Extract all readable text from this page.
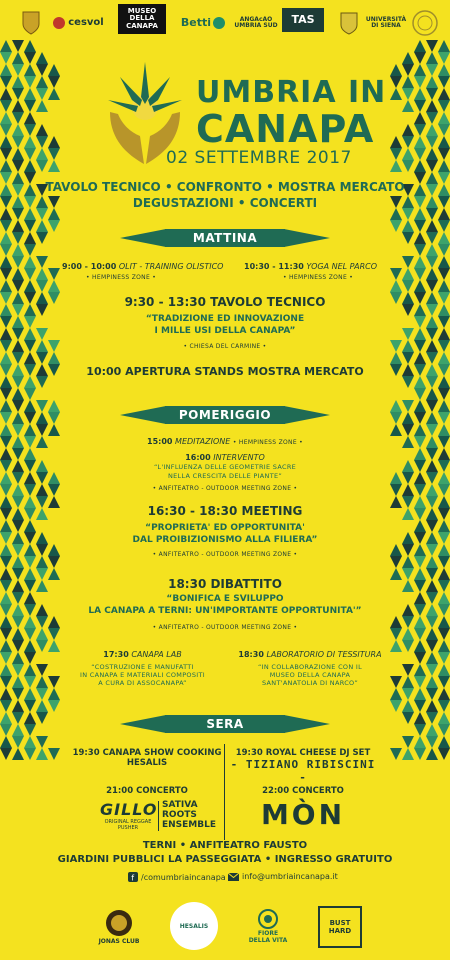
cesvol
MUSEO DELLA CANAPA	Betti	ANGAcAO UMBRIA SUD TAS	UNIVERSITÀ DI SIENA
UMBRIA IN
CANAPA
02 SETTEMBRE 2017
TAVOLO TECNICO • CONFRONTO • MOSTRA MERCATO
DEGUSTAZIONI • CONCERTI
MATTINA
9:00 - 10:00 OLIT - TRAINING OLISTICO
• HEMPINESS ZONE •
10:30 - 11:30 YOGA NEL PARCO
• HEMPINESS ZONE •
9:30 - 13:30 TAVOLO TECNICO
“TRADIZIONE ED INNOVAZIONE
I MILLE USI DELLA CANAPA”
• CHIESA DEL CARMINE •
10:00 APERTURA STANDS MOSTRA MERCATO
POMERIGGIO
15:00 MEDITAZIONE • HEMPINESS ZONE •
16:00 INTERVENTO
“L'INFLUENZA DELLE GEOMETRIE SACRE
NELLA CRESCITA DELLE PIANTE”
• ANFITEATRO - OUTDOOR MEETING ZONE •
16:30 - 18:30 MEETING
“PROPRIETA' ED OPPORTUNITA'
DAL PROIBIZIONISMO ALLA FILIERA”
• ANFITEATRO - OUTDOOR MEETING ZONE •
18:30 DIBATTITO
“BONIFICA E SVILUPPO
LA CANAPA A TERNI: UN'IMPORTANTE OPPORTUNITA'”
• ANFITEATRO - OUTDOOR MEETING ZONE •
17:30 CANAPA LAB
“COSTRUZIONE E MANUFATTI
IN CANAPA E MATERIALI COMPOSITI
A CURA DI ASSOCANAPA”
18:30 LABORATORIO DI TESSITURA
“IN COLLABORAZIONE CON IL
MUSEO DELLA CANAPA
SANT'ANATOLIA DI NARCO”
SERA
19:30 CANAPA SHOW COOKING
HESALIS
19:30 ROYAL CHEESE DJ SET
- TIZIANO RIBISCINI -
21:00 CONCERTO
GILLO
ORIGINAL REGGAE PUSHER
SATIVA ROOTS ENSEMBLE
22:00 CONCERTO
MÒN
TERNI • ANFITEATRO FAUSTO
GIARDINI PUBBLICI LA PASSEGGIATA • INGRESSO GRATUITO
f /comumbriaincanapa info@umbriaincanapa.it
JONAS CLUB
HESALIS
FIORE DELLA VITA
BUST HARD
